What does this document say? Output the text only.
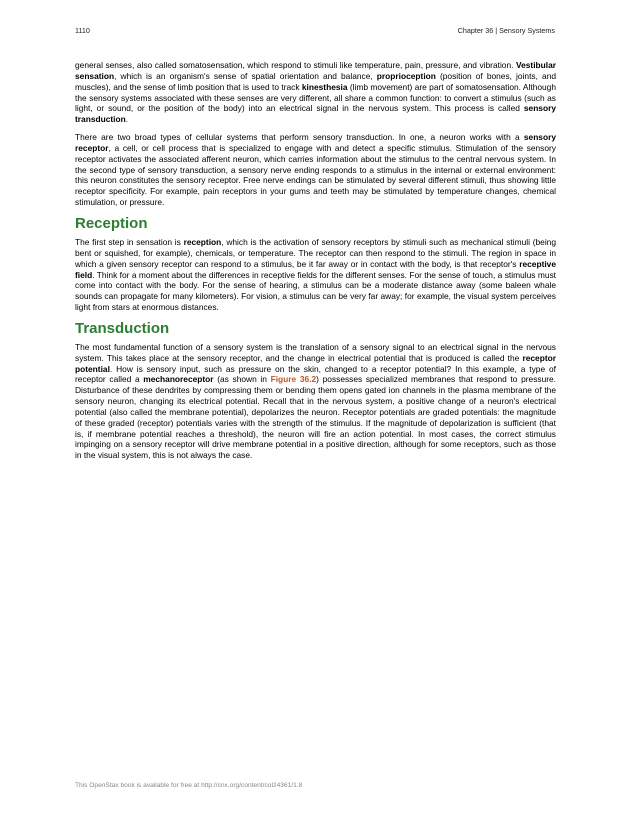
1110	Chapter 36 | Sensory Systems

general senses, also called somatosensation, which respond to stimuli like temperature, pain, pressure, and vibration. Vestibular sensation, which is an organism's sense of spatial orientation and balance, proprioception (position of bones, joints, and muscles), and the sense of limb position that is used to track kinesthesia (limb movement) are part of somatosensation. Although the sensory systems associated with these senses are very different, all share a common function: to convert a stimulus (such as light, or sound, or the position of the body) into an electrical signal in the nervous system. This process is called sensory transduction.

There are two broad types of cellular systems that perform sensory transduction. In one, a neuron works with a sensory receptor, a cell, or cell process that is specialized to engage with and detect a specific stimulus. Stimulation of the sensory receptor activates the associated afferent neuron, which carries information about the stimulus to the central nervous system. In the second type of sensory transduction, a sensory nerve ending responds to a stimulus in the internal or external environment: this neuron constitutes the sensory receptor. Free nerve endings can be stimulated by several different stimuli, thus showing little receptor specificity. For example, pain receptors in your gums and teeth may be stimulated by temperature changes, chemical stimulation, or pressure.

Reception

The first step in sensation is reception, which is the activation of sensory receptors by stimuli such as mechanical stimuli (being bent or squished, for example), chemicals, or temperature. The receptor can then respond to the stimuli. The region in space in which a given sensory receptor can respond to a stimulus, be it far away or in contact with the body, is that receptor's receptive field. Think for a moment about the differences in receptive fields for the different senses. For the sense of touch, a stimulus must come into contact with the body. For the sense of hearing, a stimulus can be a moderate distance away (some baleen whale sounds can propagate for many kilometers). For vision, a stimulus can be very far away; for example, the visual system perceives light from stars at enormous distances.

Transduction

The most fundamental function of a sensory system is the translation of a sensory signal to an electrical signal in the nervous system. This takes place at the sensory receptor, and the change in electrical potential that is produced is called the receptor potential. How is sensory input, such as pressure on the skin, changed to a receptor potential? In this example, a type of receptor called a mechanoreceptor (as shown in Figure 36.2) possesses specialized membranes that respond to pressure. Disturbance of these dendrites by compressing them or bending them opens gated ion channels in the plasma membrane of the sensory neuron, changing its electrical potential. Recall that in the nervous system, a positive change of a neuron's electrical potential (also called the membrane potential), depolarizes the neuron. Receptor potentials are graded potentials: the magnitude of these graded (receptor) potentials varies with the strength of the stimulus. If the magnitude of depolarization is sufficient (that is, if membrane potential reaches a threshold), the neuron will fire an action potential. In most cases, the correct stimulus impinging on a sensory receptor will drive membrane potential in a positive direction, although for some receptors, such as those in the visual system, this is not always the case.

This OpenStax book is available for free at http://cnx.org/content/col24361/1.8
